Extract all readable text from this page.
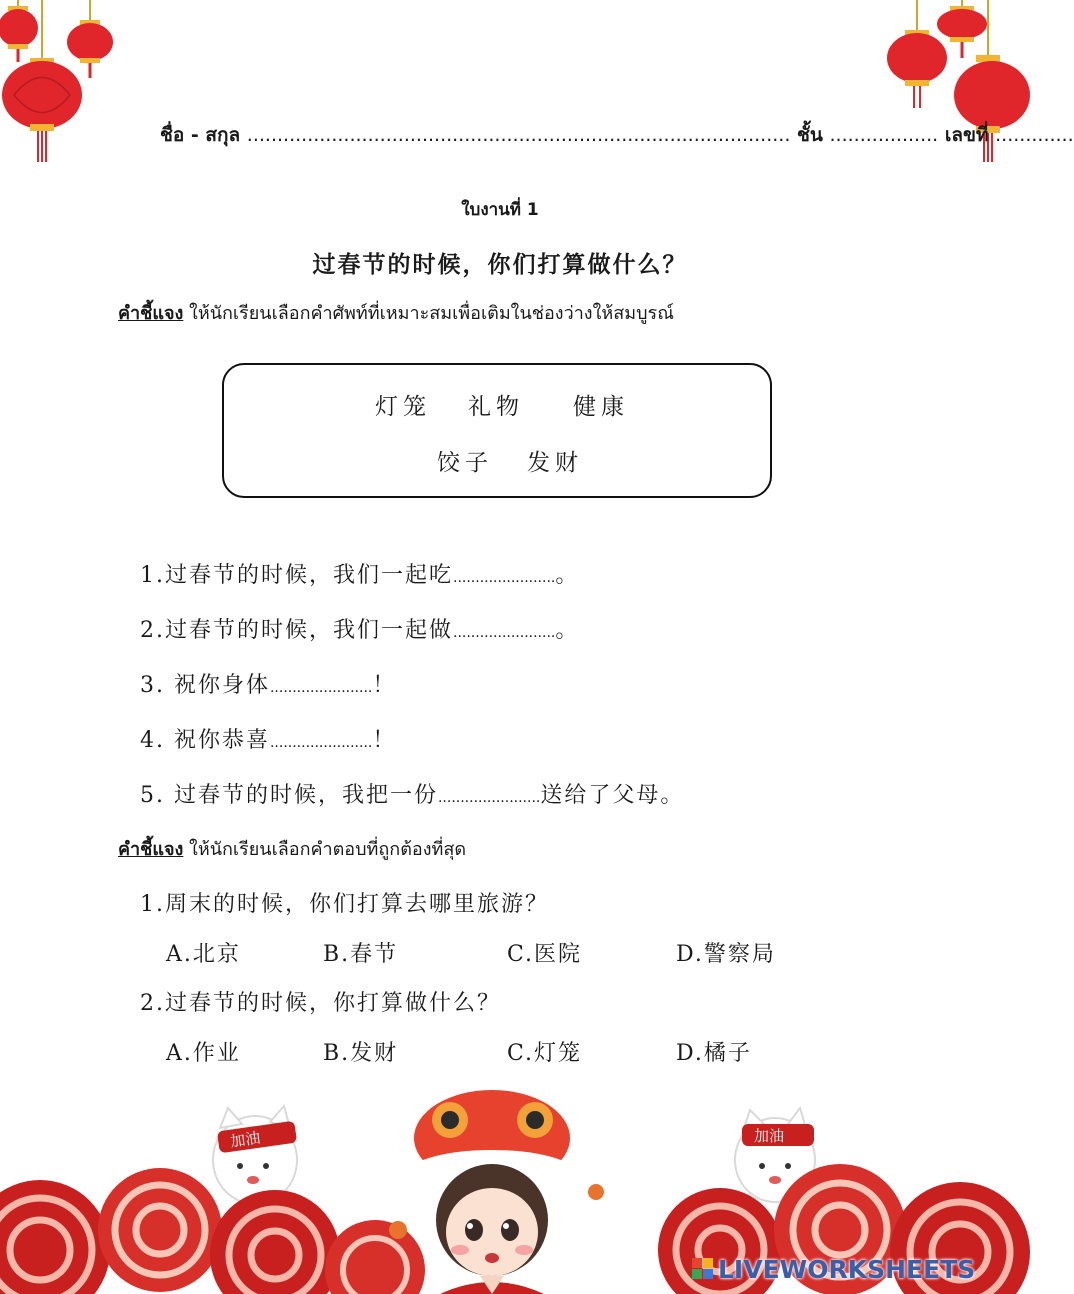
ชื่อ - สกุล .......................................................................................... ชั้น .................. เลขที่ .............
ใบงานที่ 1
过春节的时候，你们打算做什么？
คำชี้แจง ให้นักเรียนเลือกคำศัพท์ที่เหมาะสมเพื่อเติมในช่องว่างให้สมบูรณ์
灯笼 礼物 健康
饺子 发财
1.过春节的时候，我们一起吃.......................。
2.过春节的时候，我们一起做.......................。
3. 祝你身体.......................！
4. 祝你恭喜.......................！
5. 过春节的时候，我把一份.......................送给了父母。
คำชี้แจง ให้นักเรียนเลือกคำตอบที่ถูกต้องที่สุด
1.周末的时候，你们打算去哪里旅游？
A.北京	B.春节	C.医院	D.警察局
2.过春节的时候，你打算做什么？
A.作业	B.发财	C.灯笼	D.橘子
加油	加油
LIVEWORKSHEETS
